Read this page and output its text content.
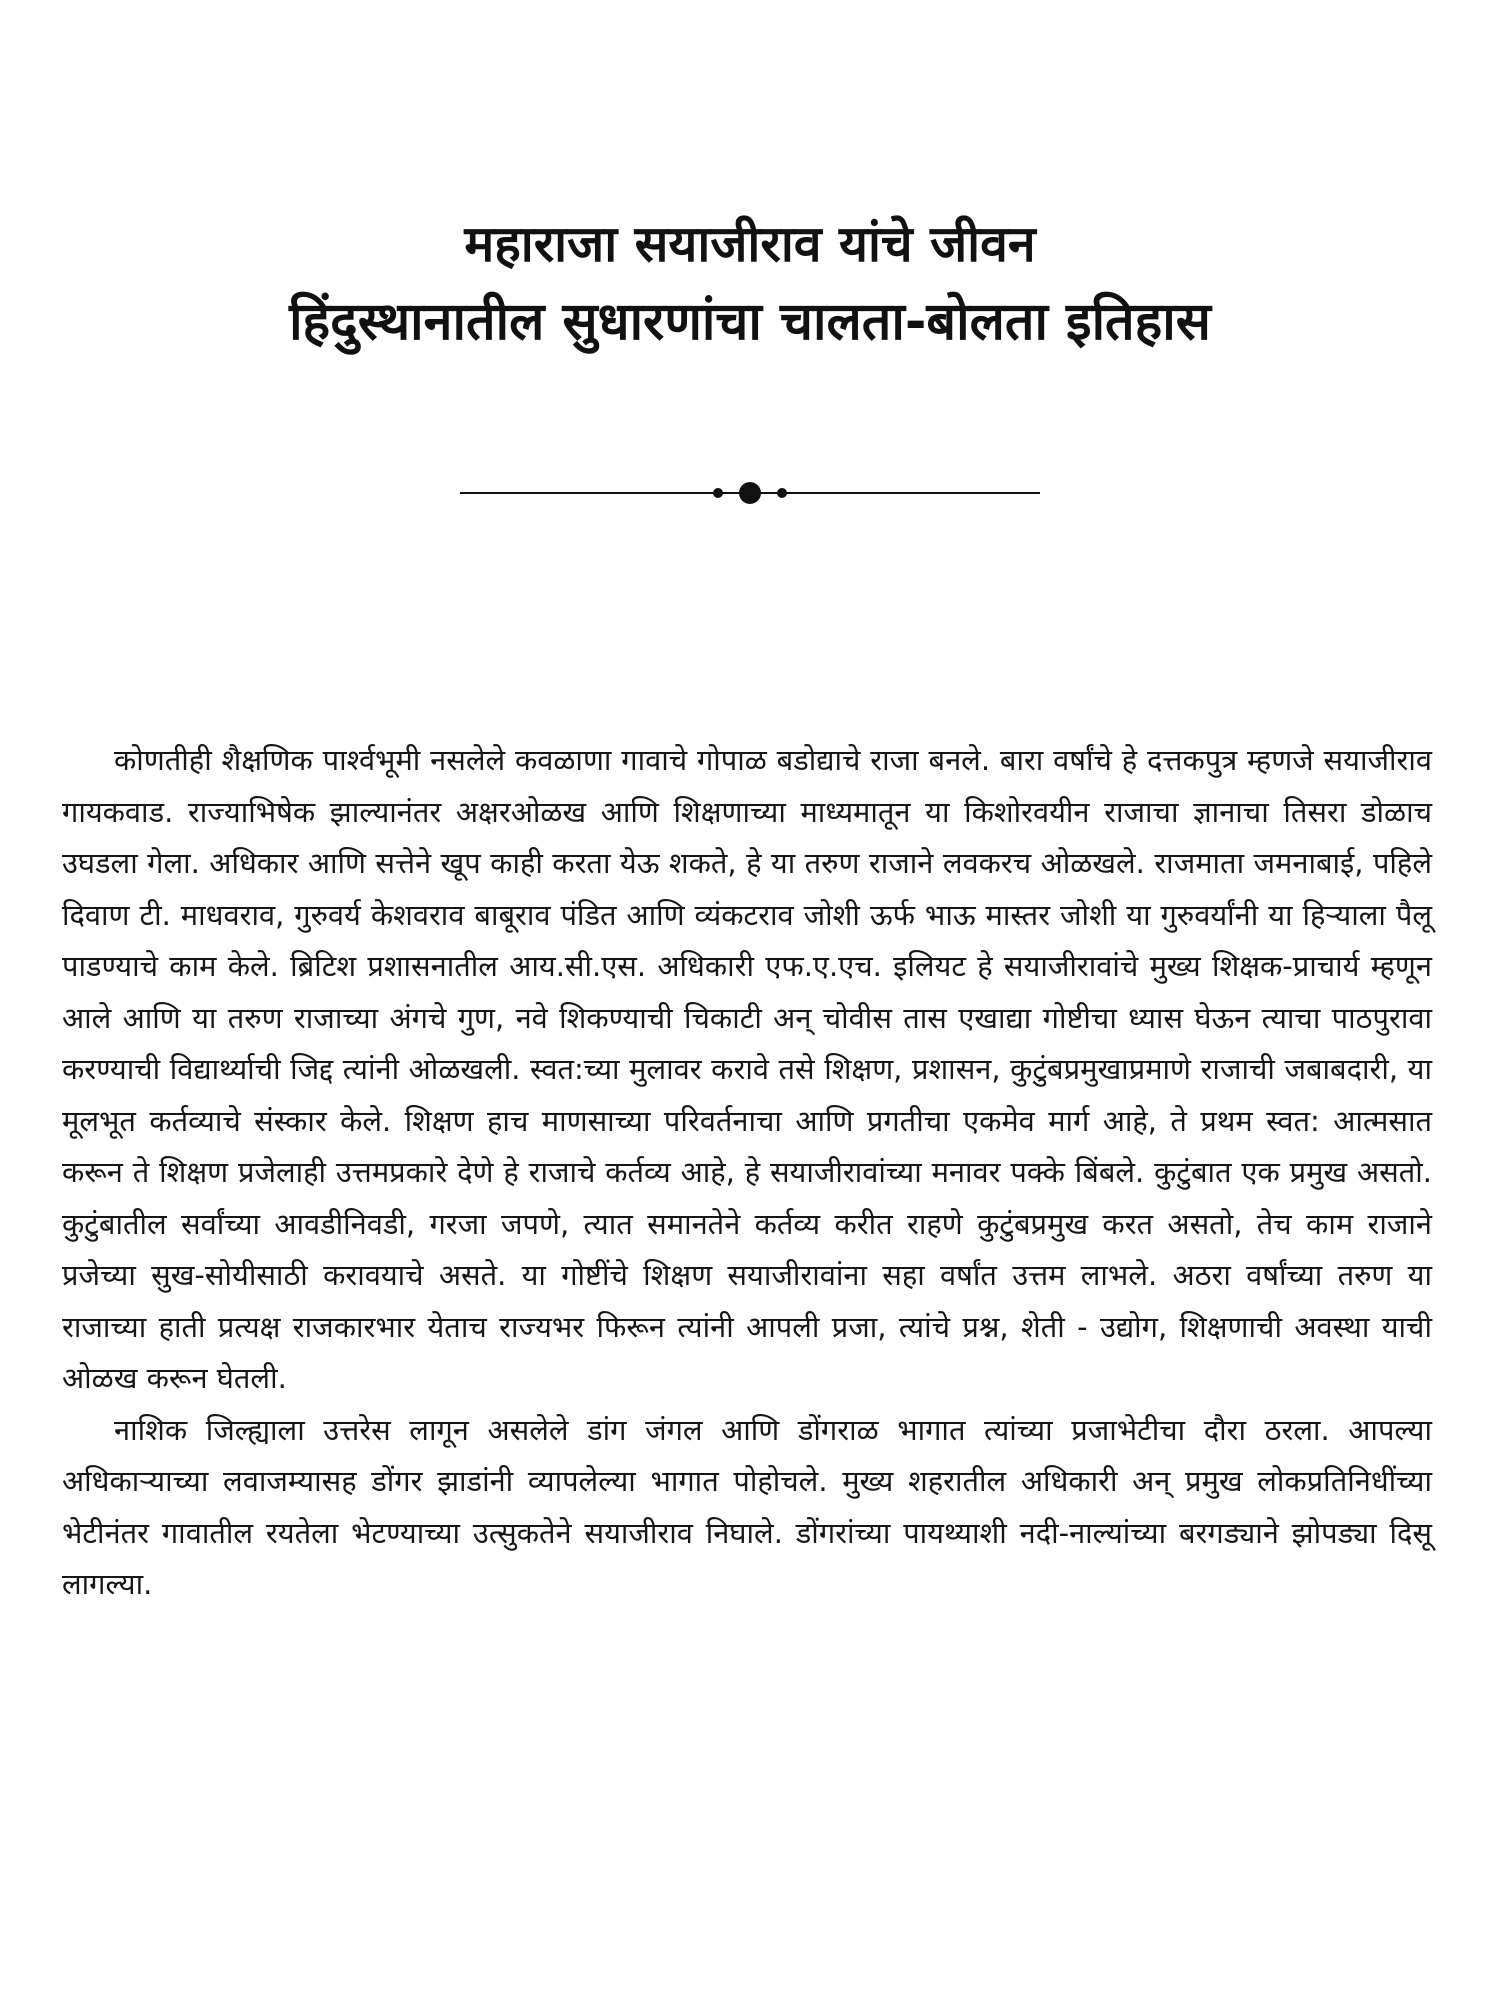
महाराजा सयाजीराव यांचे जीवन
हिंदुस्थानातील सुधारणांचा चालता-बोलता इतिहास

कोणतीही शैक्षणिक पार्श्वभूमी नसलेले कवळाणा गावाचे गोपाळ बडोद्याचे राजा बनले. बारा वर्षांचे हे दत्तकपुत्र म्हणजे सयाजीराव गायकवाड. राज्याभिषेक झाल्यानंतर अक्षरओळख आणि शिक्षणाच्या माध्यमातून या किशोरवयीन राजाचा ज्ञानाचा तिसरा डोळाच उघडला गेला. अधिकार आणि सत्तेने खूप काही करता येऊ शकते, हे या तरुण राजाने लवकरच ओळखले. राजमाता जमनाबाई, पहिले दिवाण टी. माधवराव, गुरुवर्य केशवराव बाबूराव पंडित आणि व्यंकटराव जोशी ऊर्फ भाऊ मास्तर जोशी या गुरुवर्यांनी या हिऱ्याला पैलू पाडण्याचे काम केले. ब्रिटिश प्रशासनातील आय.सी.एस. अधिकारी एफ.ए.एच. इलियट हे सयाजीरावांचे मुख्य शिक्षक-प्राचार्य म्हणून आले आणि या तरुण राजाच्या अंगचे गुण, नवे शिकण्याची चिकाटी अन् चोवीस तास एखाद्या गोष्टीचा ध्यास घेऊन त्याचा पाठपुरावा करण्याची विद्यार्थ्याची जिद्द त्यांनी ओळखली. स्वत:च्या मुलावर करावे तसे शिक्षण, प्रशासन, कुटुंबप्रमुखाप्रमाणे राजाची जबाबदारी, या मूलभूत कर्तव्याचे संस्कार केले. शिक्षण हाच माणसाच्या परिवर्तनाचा आणि प्रगतीचा एकमेव मार्ग आहे, ते प्रथम स्वत: आत्मसात करून ते शिक्षण प्रजेलाही उत्तमप्रकारे देणे हे राजाचे कर्तव्य आहे, हे सयाजीरावांच्या मनावर पक्के बिंबले. कुटुंबात एक प्रमुख असतो. कुटुंबातील सर्वांच्या आवडीनिवडी, गरजा जपणे, त्यात समानतेने कर्तव्य करीत राहणे कुटुंबप्रमुख करत असतो, तेच काम राजाने प्रजेच्या सुख-सोयीसाठी करावयाचे असते. या गोष्टींचे शिक्षण सयाजीरावांना सहा वर्षांत उत्तम लाभले. अठरा वर्षांच्या तरुण या राजाच्या हाती प्रत्यक्ष राजकारभार येताच राज्यभर फिरून त्यांनी आपली प्रजा, त्यांचे प्रश्न, शेती - उद्योग, शिक्षणाची अवस्था याची ओळख करून घेतली.

नाशिक जिल्ह्याला उत्तरेस लागून असलेले डांग जंगल आणि डोंगराळ भागात त्यांच्या प्रजाभेटीचा दौरा ठरला. आपल्या अधिकाऱ्याच्या लवाजम्यासह डोंगर झाडांनी व्यापलेल्या भागात पोहोचले. मुख्य शहरातील अधिकारी अन् प्रमुख लोकप्रतिनिधींच्या भेटीनंतर गावातील रयतेला भेटण्याच्या उत्सुकतेने सयाजीराव निघाले. डोंगरांच्या पायथ्याशी नदी-नाल्यांच्या बरगड्याने झोपड्या दिसू लागल्या.
